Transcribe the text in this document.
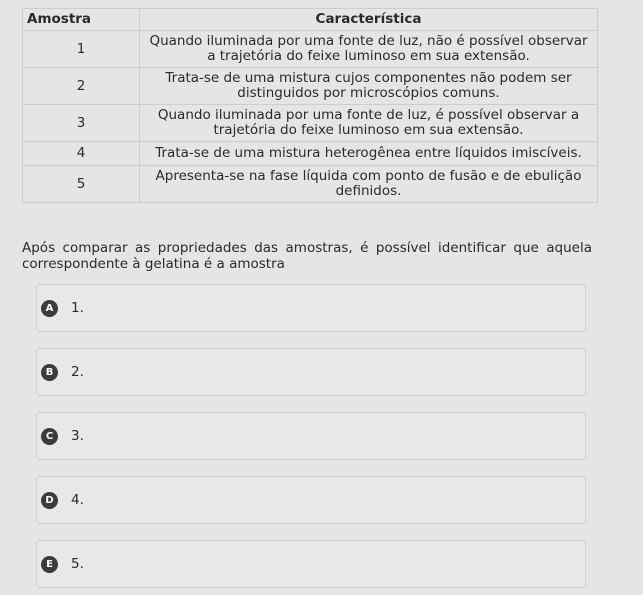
Amostra	Característica
1	Quando iluminada por uma fonte de luz, não é possível observar a trajetória do feixe luminoso em sua extensão.
2	Trata-se de uma mistura cujos componentes não podem ser distinguidos por microscópios comuns.
3	Quando iluminada por uma fonte de luz, é possível observar a trajetória do feixe luminoso em sua extensão.
4	Trata-se de uma mistura heterogênea entre líquidos imiscíveis.
5	Apresenta-se na fase líquida com ponto de fusão e de ebulição definidos.
Após comparar as propriedades das amostras, é possível identificar que aquela correspondente à gelatina é a amostra
A	1.
B	2.
C	3.
D	4.
E	5.
